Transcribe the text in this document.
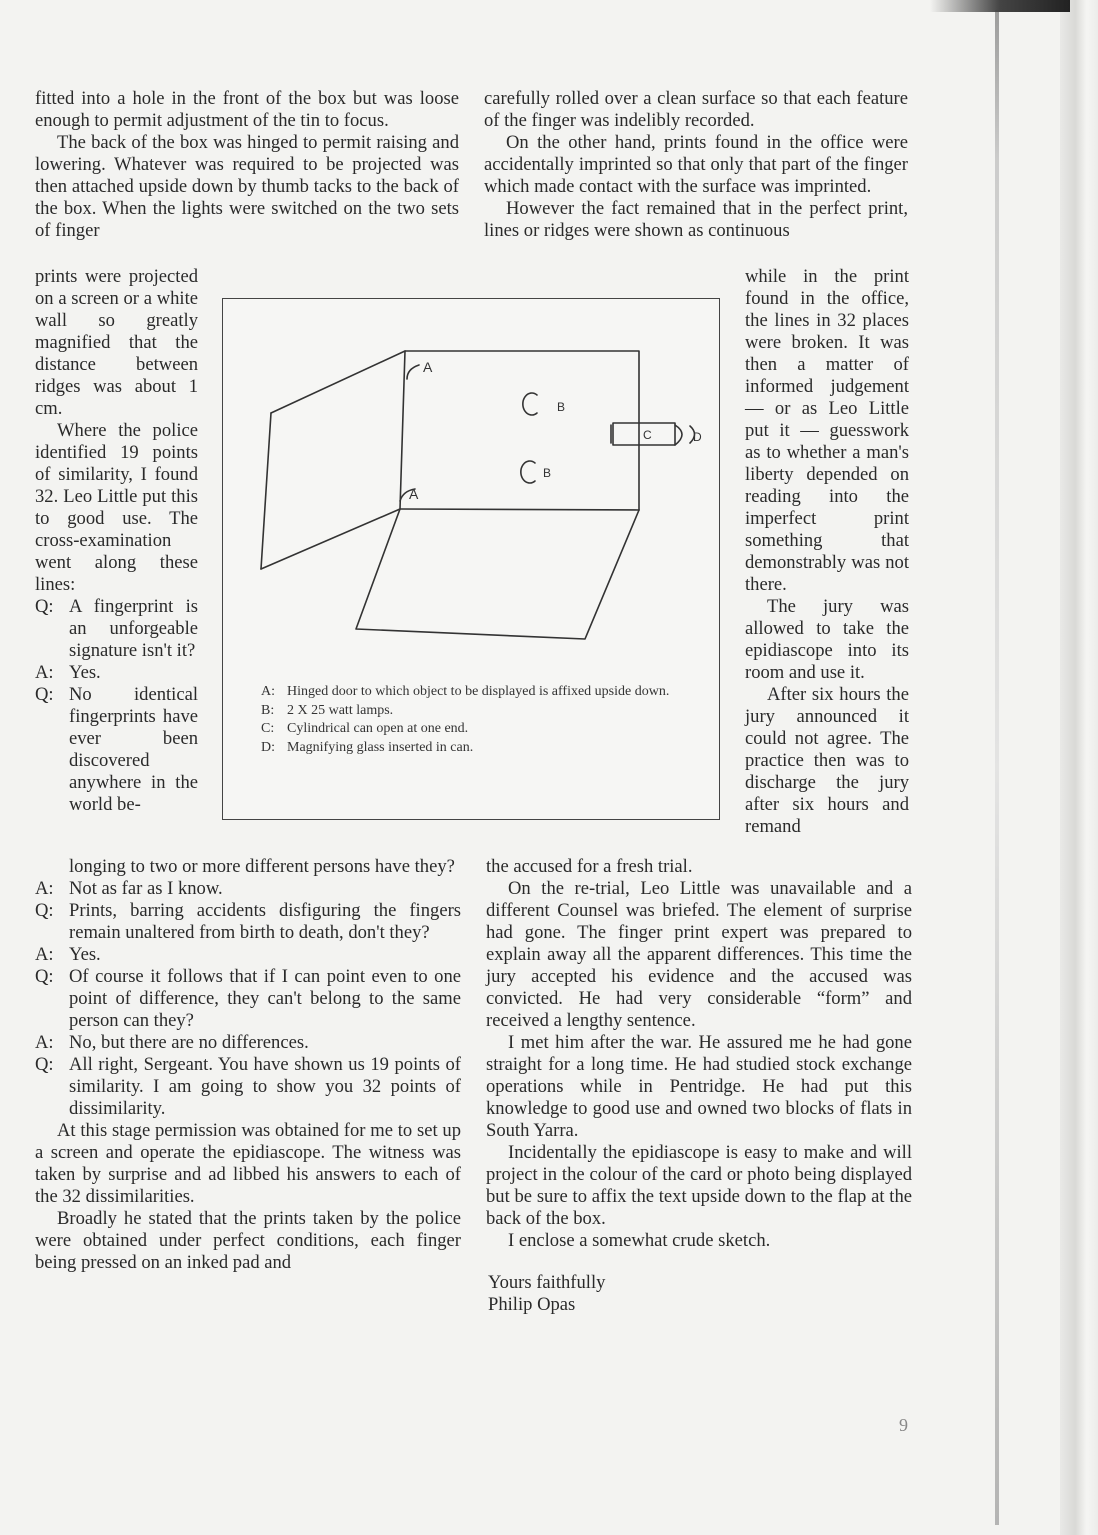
fitted into a hole in the front of the box but was loose enough to permit adjustment of the tin to focus.

The back of the box was hinged to permit raising and lowering. Whatever was required to be projected was then attached upside down by thumb tacks to the back of the box. When the lights were switched on the two sets of finger

prints were projected on a screen or a white wall so greatly magnified that the distance between ridges was about 1 cm.

Where the police identified 19 points of similarity, I found 32. Leo Little put this to good use. The cross-examination went along these lines:

Q: A fingerprint is an unforgeable signature isn't it?
A: Yes.
Q: No identical fingerprints have ever been discovered anywhere in the world be-
longing to two or more different persons have they?
A: Not as far as I know.
Q: Prints, barring accidents disfiguring the fingers remain unaltered from birth to death, don't they?
A: Yes.
Q: Of course it follows that if I can point even to one point of difference, they can't belong to the same person can they?
A: No, but there are no differences.
Q: All right, Sergeant. You have shown us 19 points of similarity. I am going to show you 32 points of dissimilarity.

At this stage permission was obtained for me to set up a screen and operate the epidiascope. The witness was taken by surprise and ad libbed his answers to each of the 32 dissimilarities.

Broadly he stated that the prints taken by the police were obtained under perfect conditions, each finger being pressed on an inked pad and

carefully rolled over a clean surface so that each feature of the finger was indelibly recorded.

On the other hand, prints found in the office were accidentally imprinted so that only that part of the finger which made contact with the surface was imprinted.

However the fact remained that in the perfect print, lines or ridges were shown as continuous

while in the print found in the office, the lines in 32 places were broken. It was then a matter of informed judgement — or as Leo Little put it — guesswork as to whether a man's liberty depended on reading into the imperfect print something that demonstrably was not there.

The jury was allowed to take the epidiascope into its room and use it.

After six hours the jury announced it could not agree. The practice then was to discharge the jury after six hours and remand

the accused for a fresh trial.

On the re-trial, Leo Little was unavailable and a different Counsel was briefed. The element of surprise had gone. The finger print expert was prepared to explain away all the apparent differences. This time the jury accepted his evidence and the accused was convicted. He had very considerable “form” and received a lengthy sentence.

I met him after the war. He assured me he had gone straight for a long time. He had studied stock exchange operations while in Pentridge. He had put this knowledge to good use and owned two blocks of flats in South Yarra.

Incidentally the epidiascope is easy to make and will project in the colour of the card or photo being displayed but be sure to affix the text upside down to the flap at the back of the box.

I enclose a somewhat crude sketch.

Yours faithfully
Philip Opas
A
A
B
B
C	D
A: Hinged door to which object to be displayed is affixed upside down.
B: 2 X 25 watt lamps.
C: Cylindrical can open at one end.
D: Magnifying glass inserted in can.
9
